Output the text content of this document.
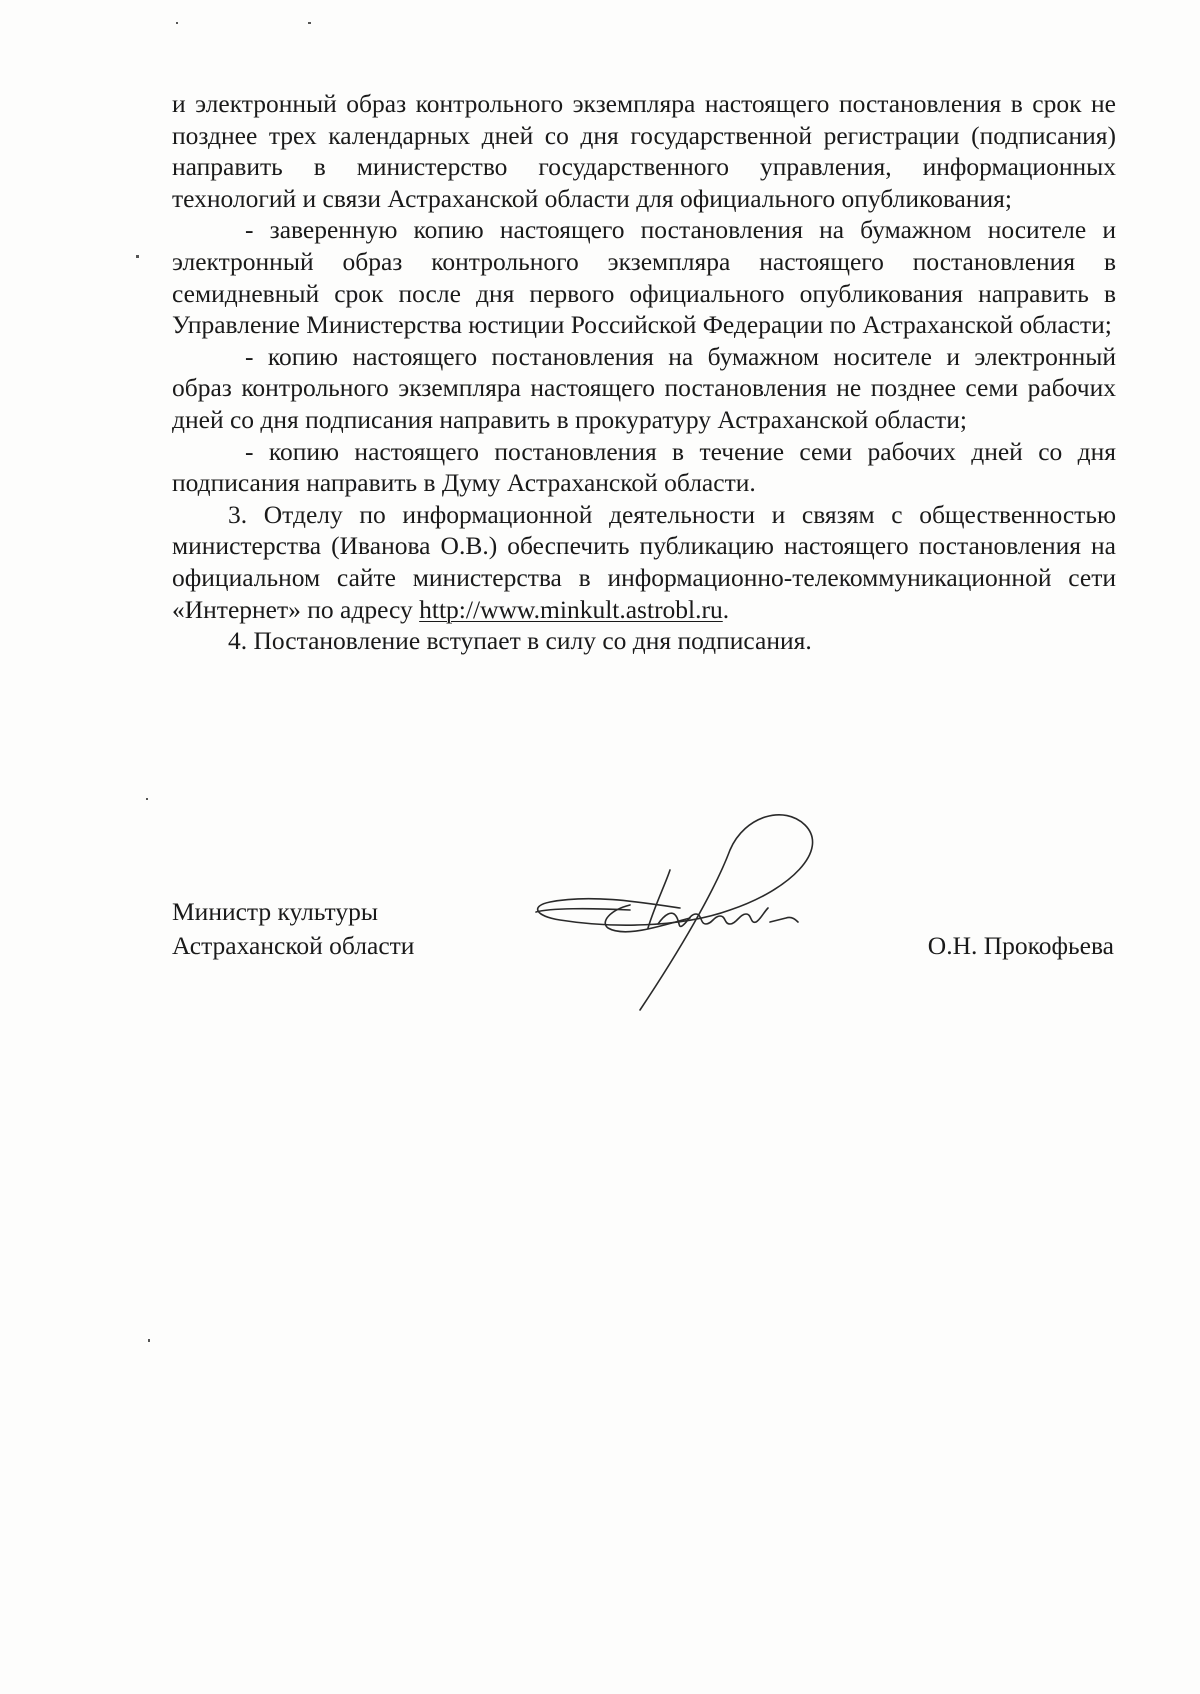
и электронный образ контрольного экземпляра настоящего постановления в срок не позднее трех календарных дней со дня государственной регистрации (подписания) направить в министерство государственного управления, информационных технологий и связи Астраханской области для официального опубликования;

- заверенную копию настоящего постановления на бумажном носителе и электронный образ контрольного экземпляра настоящего постановления в семидневный срок после дня первого официального опубликования направить в Управление Министерства юстиции Российской Федерации по Астраханской области;

- копию настоящего постановления на бумажном носителе и электронный образ контрольного экземпляра настоящего постановления не позднее семи рабочих дней со дня подписания направить в прокуратуру Астраханской области;

- копию настоящего постановления в течение семи рабочих дней со дня подписания направить в Думу Астраханской области.

3. Отделу по информационной деятельности и связям с общественностью министерства (Иванова О.В.) обеспечить публикацию настоящего постановления на официальном сайте министерства в информационно-телекоммуникационной сети «Интернет» по адресу http://www.minkult.astrobl.ru.

4. Постановление вступает в силу со дня подписания.

Министр культуры
Астраханской области	О.Н. Прокофьева
